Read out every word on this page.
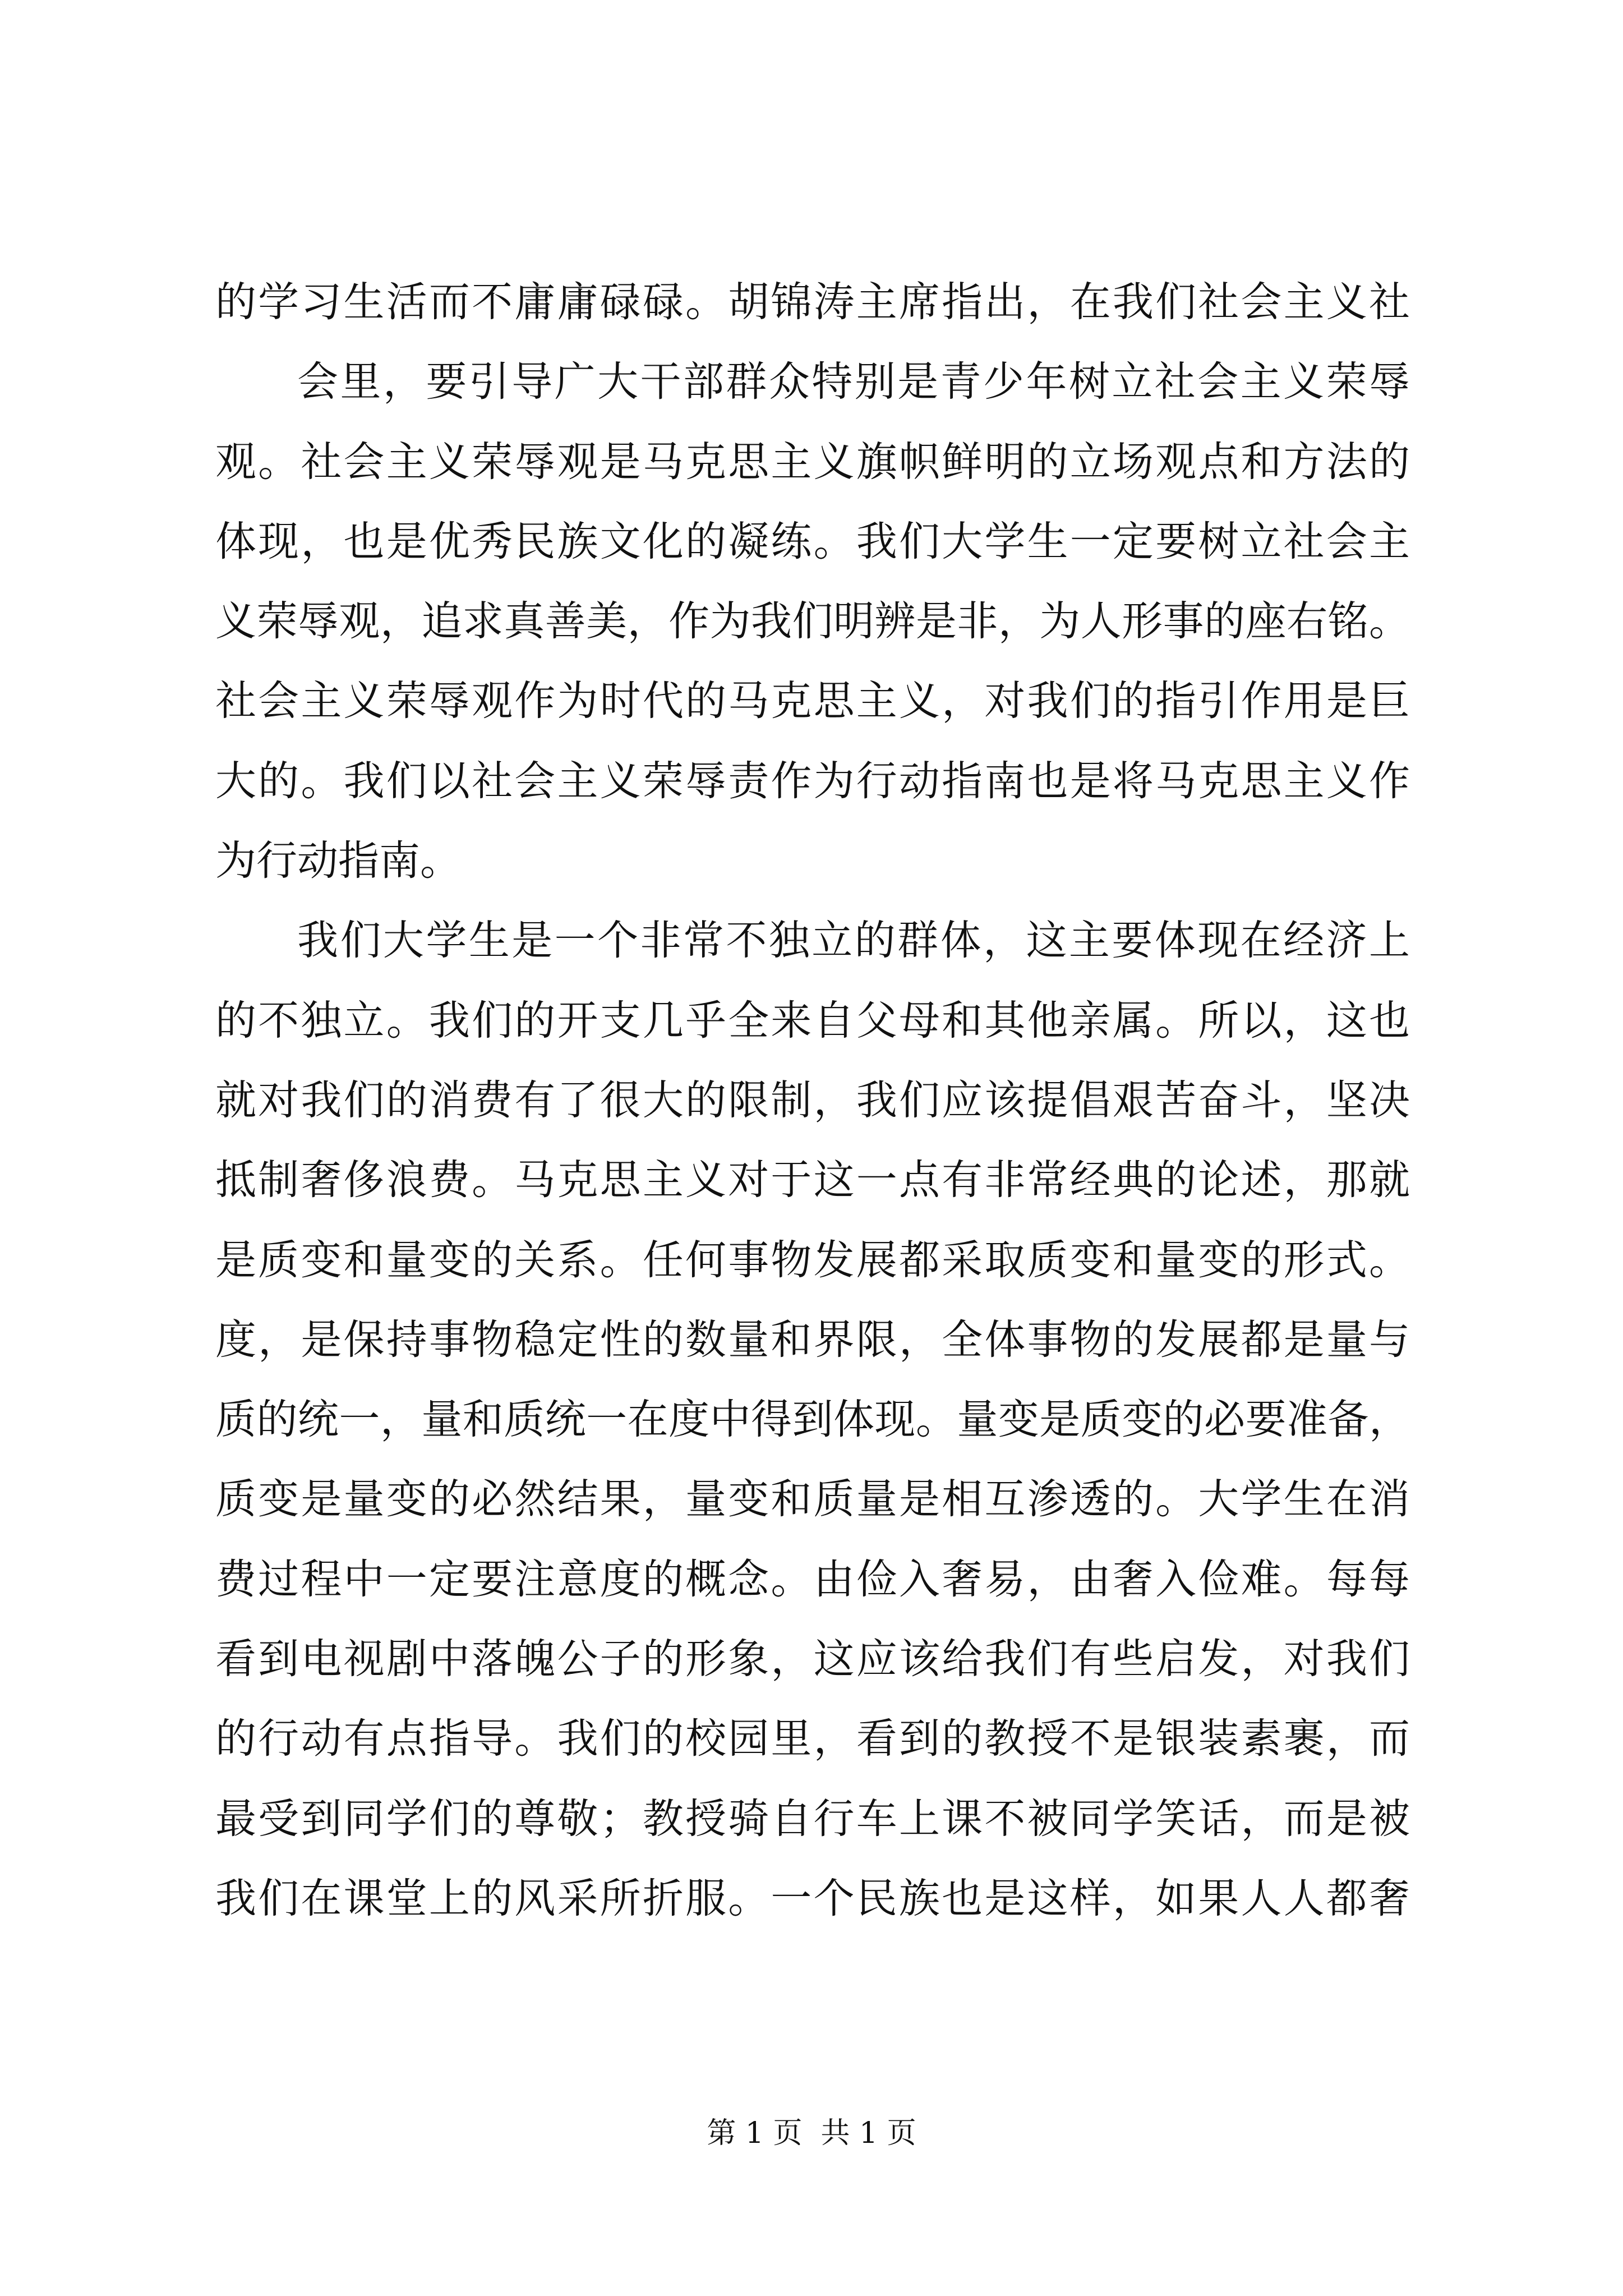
的学习生活而不庸庸碌碌。胡锦涛主席指出，在我们社会主义社
会里，要引导广大干部群众特别是青少年树立社会主义荣辱
观。社会主义荣辱观是马克思主义旗帜鲜明的立场观点和方法的
体现，也是优秀民族文化的凝练。我们大学生一定要树立社会主
义荣辱观，追求真善美，作为我们明辨是非，为人形事的座右铭。
社会主义荣辱观作为时代的马克思主义，对我们的指引作用是巨
大的。我们以社会主义荣辱责作为行动指南也是将马克思主义作
为行动指南。
我们大学生是一个非常不独立的群体，这主要体现在经济上
的不独立。我们的开支几乎全来自父母和其他亲属。所以，这也
就对我们的消费有了很大的限制，我们应该提倡艰苦奋斗，坚决
抵制奢侈浪费。马克思主义对于这一点有非常经典的论述，那就
是质变和量变的关系。任何事物发展都采取质变和量变的形式。
度，是保持事物稳定性的数量和界限，全体事物的发展都是量与
质的统一，量和质统一在度中得到体现。量变是质变的必要准备，
质变是量变的必然结果，量变和质量是相互渗透的。大学生在消
费过程中一定要注意度的概念。由俭入奢易，由奢入俭难。每每
看到电视剧中落魄公子的形象，这应该给我们有些启发，对我们
的行动有点指导。我们的校园里，看到的教授不是银装素裹，而
最受到同学们的尊敬；教授骑自行车上课不被同学笑话，而是被
我们在课堂上的风采所折服。一个民族也是这样，如果人人都奢
第 1 页  共 1 页
